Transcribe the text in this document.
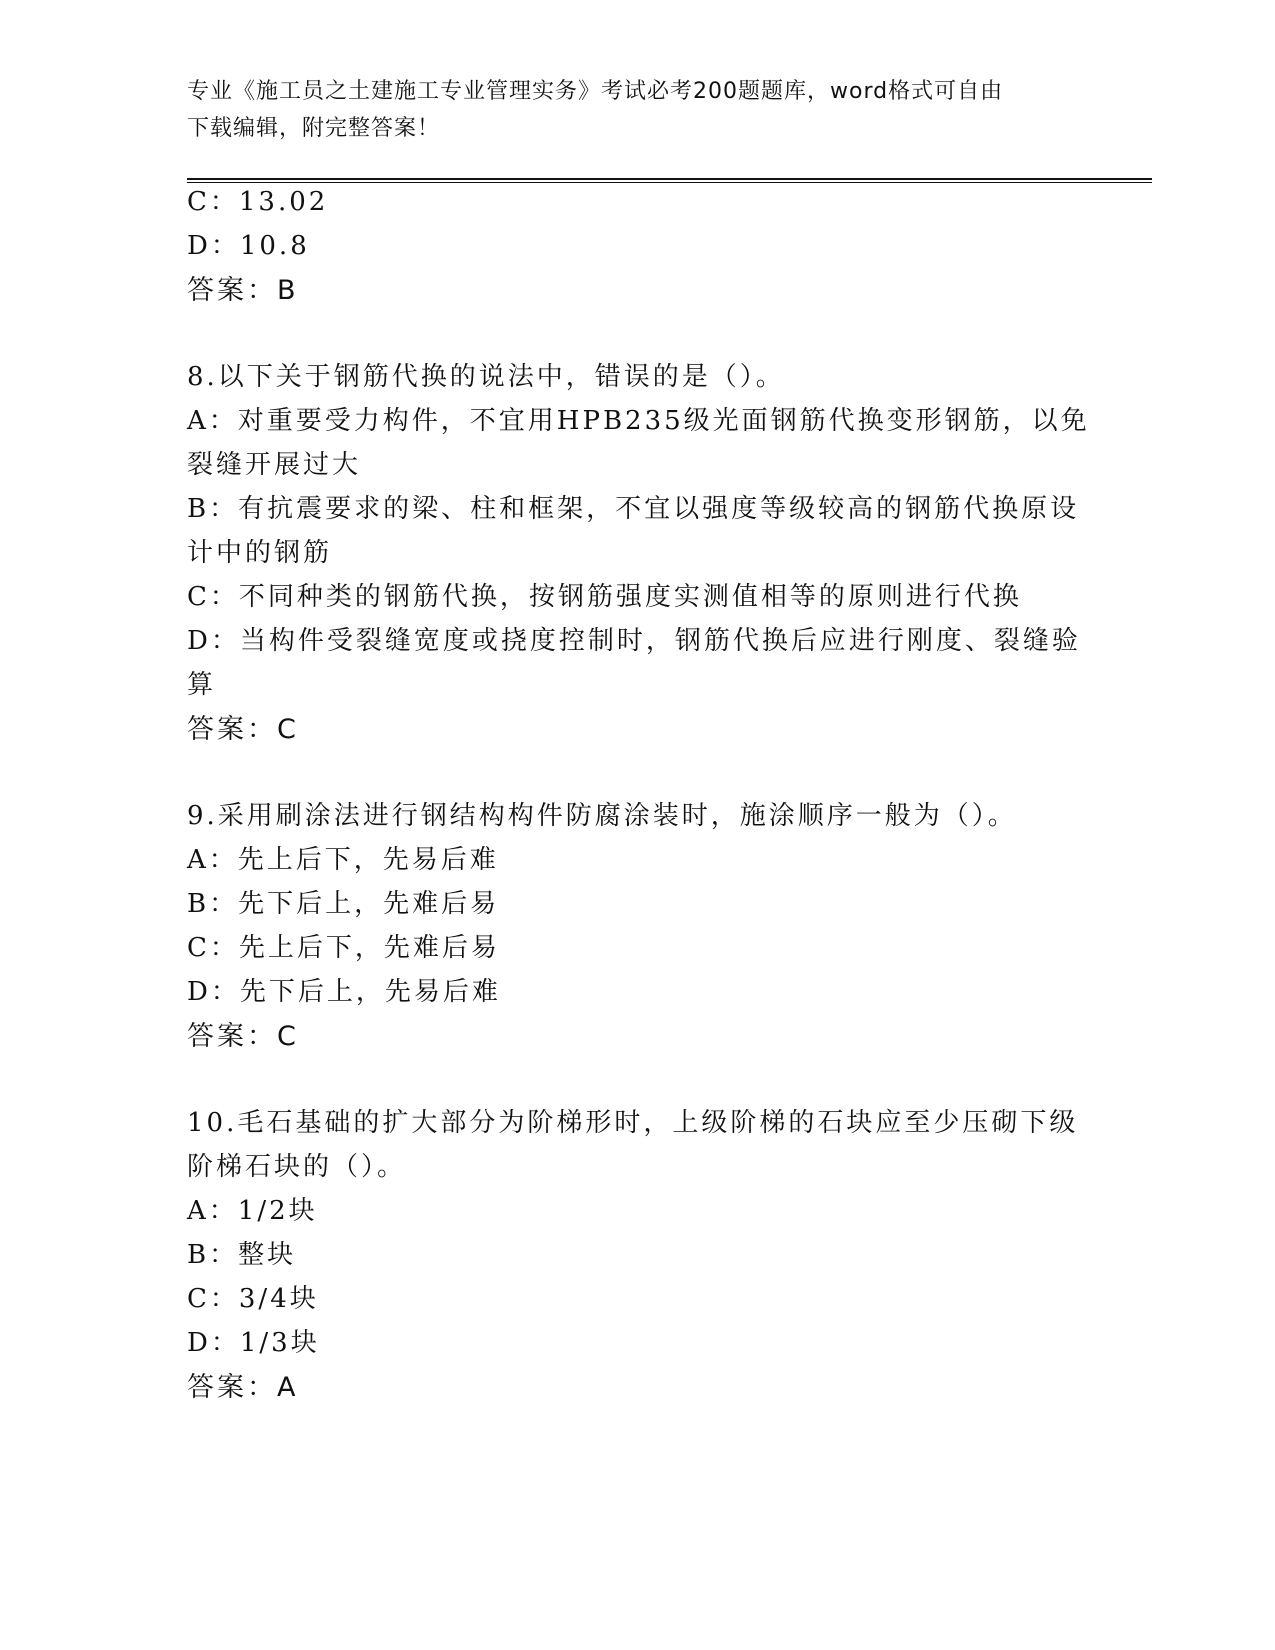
专业《施工员之土建施工专业管理实务》考试必考200题题库，word格式可自由
下载编辑，附完整答案！
C：13.02
D：10.8
答案：B
8.以下关于钢筋代换的说法中，错误的是（）。
A：对重要受力构件，不宜用HPB235级光面钢筋代换变形钢筋，以免
裂缝开展过大
B：有抗震要求的梁、柱和框架，不宜以强度等级较高的钢筋代换原设
计中的钢筋
C：不同种类的钢筋代换，按钢筋强度实测值相等的原则进行代换
D：当构件受裂缝宽度或挠度控制时，钢筋代换后应进行刚度、裂缝验
算
答案：C
9.采用刷涂法进行钢结构构件防腐涂装时，施涂顺序一般为（）。
A：先上后下，先易后难
B：先下后上，先难后易
C：先上后下，先难后易
D：先下后上，先易后难
答案：C
10.毛石基础的扩大部分为阶梯形时，上级阶梯的石块应至少压砌下级
阶梯石块的（）。
A：1/2块
B：整块
C：3/4块
D：1/3块
答案：A
